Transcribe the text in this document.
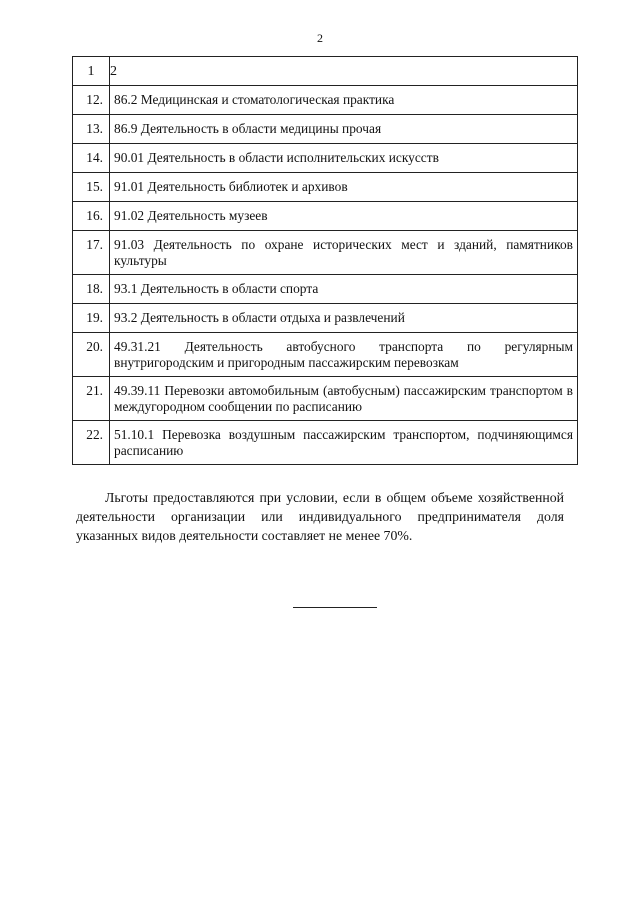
2
1	2
12.	86.2 Медицинская и стоматологическая практика
13.	86.9 Деятельность в области медицины прочая
14.	90.01 Деятельность в области исполнительских искусств
15.	91.01 Деятельность библиотек и архивов
16.	91.02 Деятельность музеев
17.	91.03 Деятельность по охране исторических мест и зданий, памятников культуры
18.	93.1 Деятельность в области спорта
19.	93.2 Деятельность в области отдыха и развлечений
20.	49.31.21 Деятельность автобусного транспорта по регулярным внутригородским и пригородным пассажирским перевозкам
21.	49.39.11 Перевозки автомобильным (автобусным) пассажирским транспортом в междугородном сообщении по расписанию
22.	51.10.1 Перевозка воздушным пассажирским транспортом, подчиняющимся расписанию

Льготы предоставляются при условии, если в общем объеме хозяйственной деятельности организации или индивидуального предпринимателя доля указанных видов деятельности составляет не менее 70%.
